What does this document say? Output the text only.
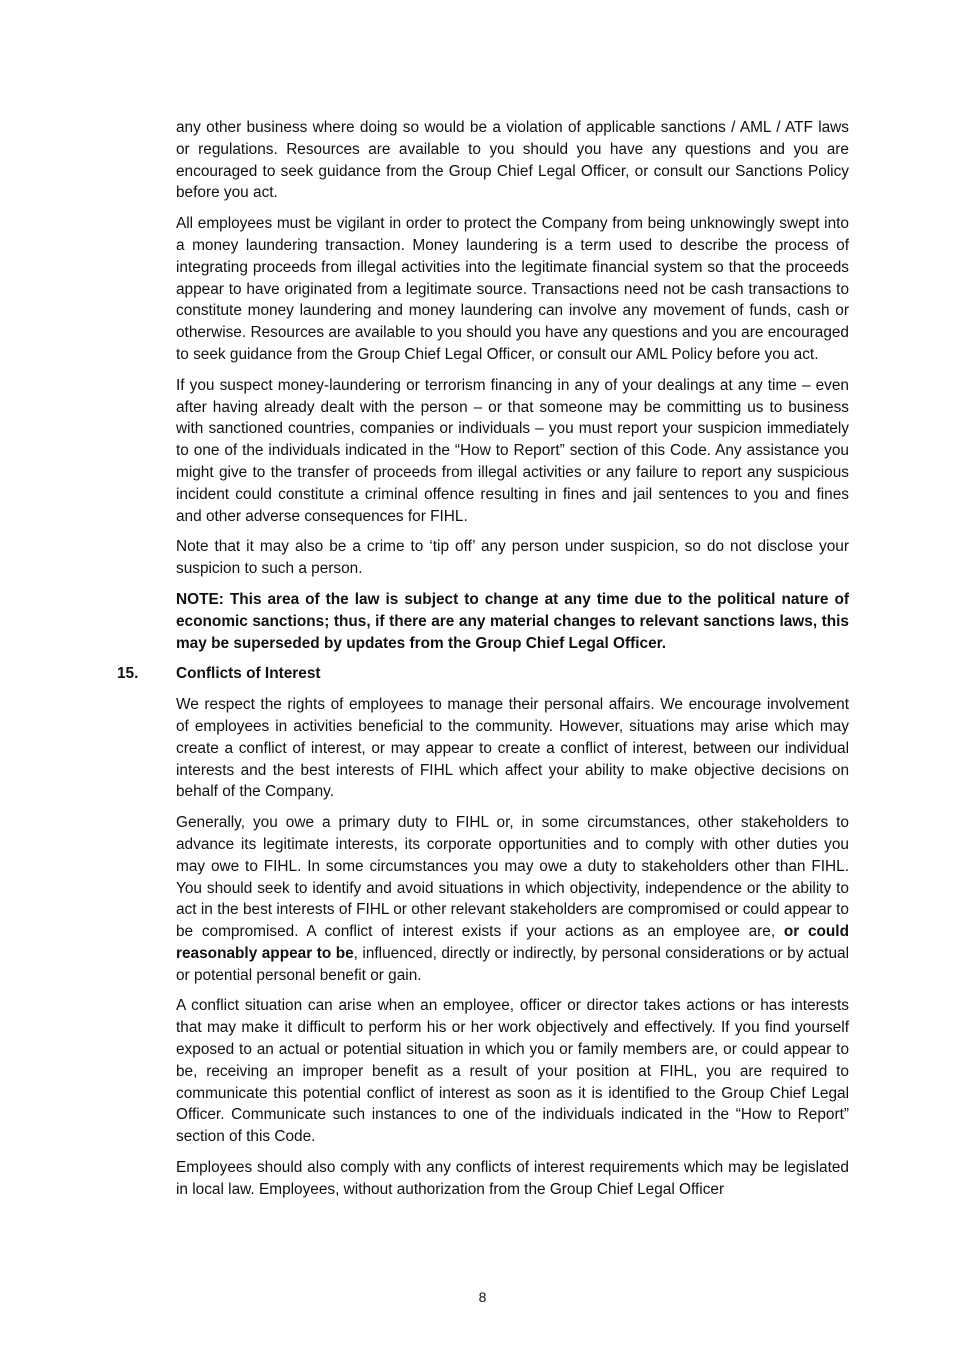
any other business where doing so would be a violation of applicable sanctions / AML / ATF laws or regulations. Resources are available to you should you have any questions and you are encouraged to seek guidance from the Group Chief Legal Officer, or consult our Sanctions Policy before you act.

All employees must be vigilant in order to protect the Company from being unknowingly swept into a money laundering transaction. Money laundering is a term used to describe the process of integrating proceeds from illegal activities into the legitimate financial system so that the proceeds appear to have originated from a legitimate source. Transactions need not be cash transactions to constitute money laundering and money laundering can involve any movement of funds, cash or otherwise. Resources are available to you should you have any questions and you are encouraged to seek guidance from the Group Chief Legal Officer, or consult our AML Policy before you act.

If you suspect money-laundering or terrorism financing in any of your dealings at any time – even after having already dealt with the person – or that someone may be committing us to business with sanctioned countries, companies or individuals – you must report your suspicion immediately to one of the individuals indicated in the “How to Report” section of this Code. Any assistance you might give to the transfer of proceeds from illegal activities or any failure to report any suspicious incident could constitute a criminal offence resulting in fines and jail sentences to you and fines and other adverse consequences for FIHL.

Note that it may also be a crime to ‘tip off’ any person under suspicion, so do not disclose your suspicion to such a person.

NOTE: This area of the law is subject to change at any time due to the political nature of economic sanctions; thus, if there are any material changes to relevant sanctions laws, this may be superseded by updates from the Group Chief Legal Officer.

15. Conflicts of Interest

We respect the rights of employees to manage their personal affairs. We encourage involvement of employees in activities beneficial to the community. However, situations may arise which may create a conflict of interest, or may appear to create a conflict of interest, between our individual interests and the best interests of FIHL which affect your ability to make objective decisions on behalf of the Company.

Generally, you owe a primary duty to FIHL or, in some circumstances, other stakeholders to advance its legitimate interests, its corporate opportunities and to comply with other duties you may owe to FIHL. In some circumstances you may owe a duty to stakeholders other than FIHL. You should seek to identify and avoid situations in which objectivity, independence or the ability to act in the best interests of FIHL or other relevant stakeholders are compromised or could appear to be compromised. A conflict of interest exists if your actions as an employee are, or could reasonably appear to be, influenced, directly or indirectly, by personal considerations or by actual or potential personal benefit or gain.

A conflict situation can arise when an employee, officer or director takes actions or has interests that may make it difficult to perform his or her work objectively and effectively. If you find yourself exposed to an actual or potential situation in which you or family members are, or could appear to be, receiving an improper benefit as a result of your position at FIHL, you are required to communicate this potential conflict of interest as soon as it is identified to the Group Chief Legal Officer. Communicate such instances to one of the individuals indicated in the “How to Report” section of this Code.

Employees should also comply with any conflicts of interest requirements which may be legislated in local law. Employees, without authorization from the Group Chief Legal Officer

8
